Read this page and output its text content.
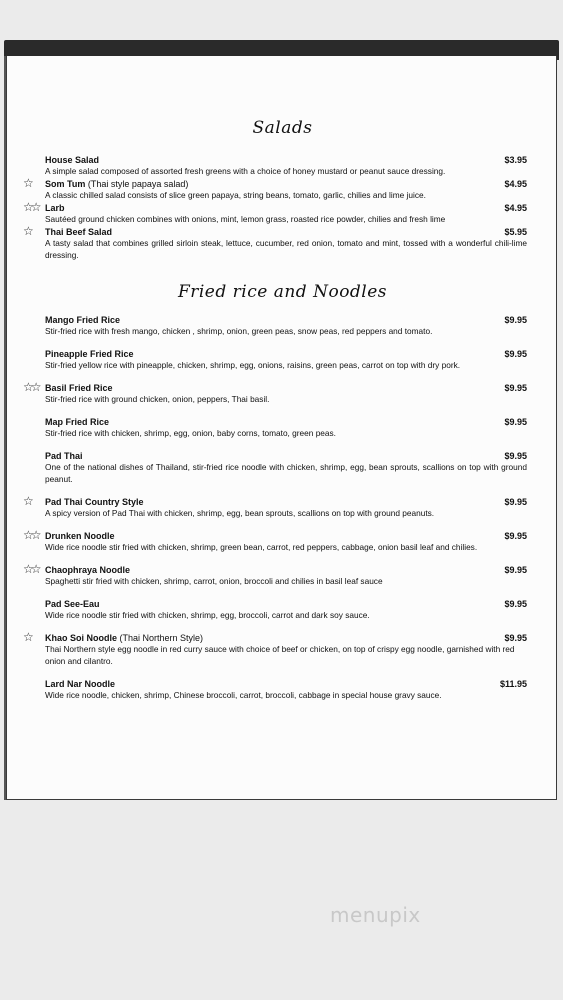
Salads
House Salad	$3.95
A simple salad composed of assorted fresh greens with a choice of honey mustard or peanut sauce dressing.
☆ Som Tum (Thai style papaya salad)	$4.95
A classic chilled salad consists of slice green papaya, string beans, tomato, garlic, chilies and lime juice.
☆☆ Larb	$4.95
Sautéed ground chicken combines with onions, mint, lemon grass, roasted rice powder, chilies and fresh lime
☆ Thai Beef Salad	$5.95
A tasty salad that combines grilled sirloin steak, lettuce, cucumber, red onion, tomato and mint, tossed with a wonderful chili-lime dressing.
Fried rice and Noodles
Mango Fried Rice	$9.95
Stir-fried rice with fresh mango, chicken , shrimp, onion, green peas, snow peas, red peppers and tomato.
Pineapple Fried Rice	$9.95
Stir-fried yellow rice with pineapple, chicken, shrimp, egg, onions, raisins, green peas, carrot on top with dry pork.
☆☆ Basil Fried Rice	$9.95
Stir-fried rice with ground chicken, onion, peppers, Thai basil.
Map Fried Rice	$9.95
Stir-fried rice with chicken, shrimp, egg, onion, baby corns, tomato, green peas.
Pad Thai	$9.95
One of the national dishes of Thailand, stir-fried rice noodle with chicken, shrimp, egg, bean sprouts, scallions on top with ground peanut.
☆ Pad Thai Country Style	$9.95
A spicy version of Pad Thai with chicken, shrimp, egg, bean sprouts, scallions on top with ground peanuts.
☆☆ Drunken Noodle	$9.95
Wide rice noodle stir fried with chicken, shrimp, green bean, carrot, red peppers, cabbage, onion basil leaf and chilies.
☆☆ Chaophraya Noodle	$9.95
Spaghetti stir fried with chicken, shrimp, carrot, onion, broccoli and chilies in basil leaf sauce
Pad See-Eau	$9.95
Wide rice noodle stir fried with chicken, shrimp, egg, broccoli, carrot and dark soy sauce.
☆ Khao Soi Noodle (Thai Northern Style)	$9.95
Thai Northern style egg noodle in red curry sauce with choice of beef or chicken, on top of crispy egg noodle, garnished with red onion and cilantro.
Lard Nar Noodle	$11.95
Wide rice noodle, chicken, shrimp, Chinese broccoli, carrot, broccoli, cabbage in special house gravy sauce.
menupix
